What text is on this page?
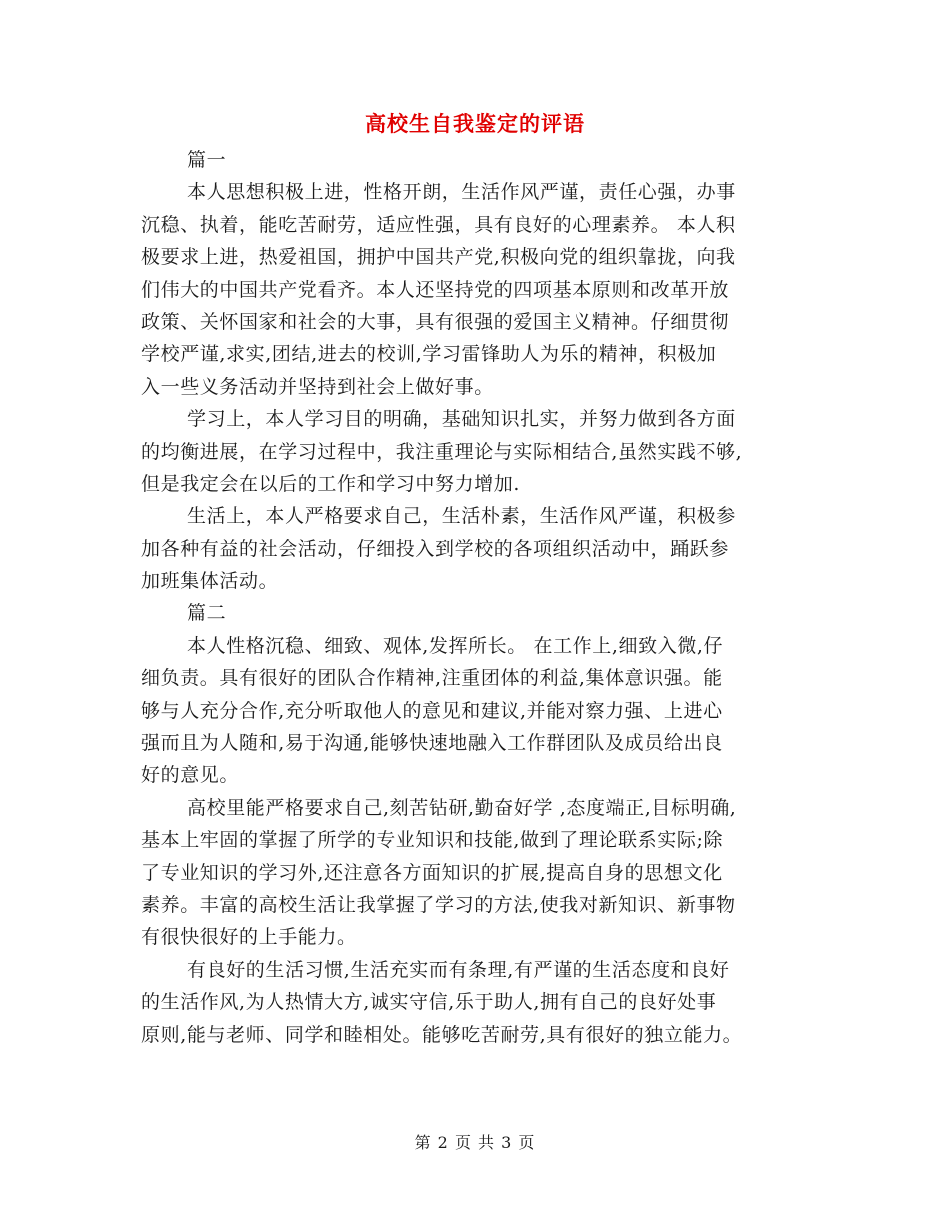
高校生自我鉴定的评语
篇一
本人思想积极上进，性格开朗，生活作风严谨，责任心强，办事
沉稳、执着，能吃苦耐劳，适应性强，具有良好的心理素养。 本人积
极要求上进，热爱祖国，拥护中国共产党,积极向党的组织靠拢，向我
们伟大的中国共产党看齐。本人还坚持党的四项基本原则和改革开放
政策、关怀国家和社会的大事，具有很强的爱国主义精神。仔细贯彻
学校严谨,求实,团结,进去的校训,学习雷锋助人为乐的精神，积极加
入一些义务活动并坚持到社会上做好事。
学习上，本人学习目的明确，基础知识扎实，并努力做到各方面
的均衡进展，在学习过程中，我注重理论与实际相结合,虽然实践不够,
但是我定会在以后的工作和学习中努力增加.
生活上，本人严格要求自己，生活朴素，生活作风严谨，积极参
加各种有益的社会活动，仔细投入到学校的各项组织活动中，踊跃参
加班集体活动。
篇二
本人性格沉稳、细致、观体,发挥所长。 在工作上,细致入微,仔
细负责。具有很好的团队合作精神,注重团体的利益,集体意识强。能
够与人充分合作,充分听取他人的意见和建议,并能对察力强、上进心
强而且为人随和,易于沟通,能够快速地融入工作群团队及成员给出良
好的意见。
高校里能严格要求自己,刻苦钻研,勤奋好学 ,态度端正,目标明确,
基本上牢固的掌握了所学的专业知识和技能,做到了理论联系实际;除
了专业知识的学习外,还注意各方面知识的扩展,提高自身的思想文化
素养。丰富的高校生活让我掌握了学习的方法,使我对新知识、新事物
有很快很好的上手能力。
有良好的生活习惯,生活充实而有条理,有严谨的生活态度和良好
的生活作风,为人热情大方,诚实守信,乐于助人,拥有自己的良好处事
原则,能与老师、同学和睦相处。能够吃苦耐劳,具有很好的独立能力。
第 2 页 共 3 页
